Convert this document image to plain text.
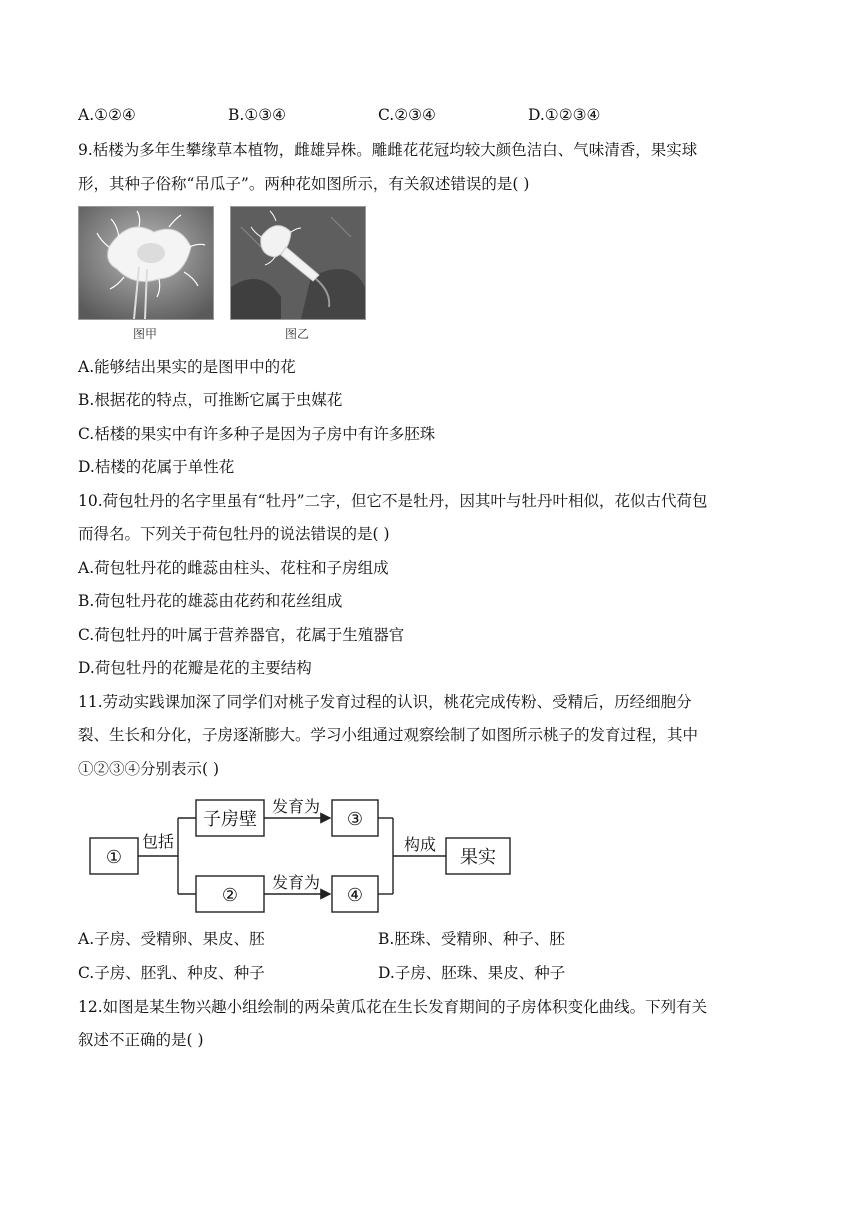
A.①②④	B.①③④	C.②③④	D.①②③④
9.栝楼为多年生攀缘草本植物，雌雄异株。雕雌花花冠均较大颜色洁白、气味清香，果实球
形，其种子俗称“吊瓜子”。两种花如图所示，有关叙述错误的是( )
图甲	图乙
A.能够结出果实的是图甲中的花
B.根据花的特点，可推断它属于虫媒花
C.栝楼的果实中有许多种子是因为子房中有许多胚珠
D.桔楼的花属于单性花
10.荷包牡丹的名字里虽有“牡丹”二字，但它不是牡丹，因其叶与牡丹叶相似，花似古代荷包
而得名。下列关于荷包牡丹的说法错误的是( )
A.荷包牡丹花的雌蕊由柱头、花柱和子房组成
B.荷包牡丹花的雄蕊由花药和花丝组成
C.荷包牡丹的叶属于营养器官，花属于生殖器官
D.荷包牡丹的花瓣是花的主要结构
11.劳动实践课加深了同学们对桃子发育过程的认识，桃花完成传粉、受精后，历经细胞分
裂、生长和分化，子房逐渐膨大。学习小组通过观察绘制了如图所示桃子的发育过程，其中
①②③④分别表示( )
①
子房壁
②
③
④
果实
包括
发育为
发育为
构成
A.子房、受精卵、果皮、胚	B.胚珠、受精卵、种子、胚
C.子房、胚乳、种皮、种子	D.子房、胚珠、果皮、种子
12.如图是某生物兴趣小组绘制的两朵黄瓜花在生长发育期间的子房体积变化曲线。下列有关
叙述不正确的是( )
